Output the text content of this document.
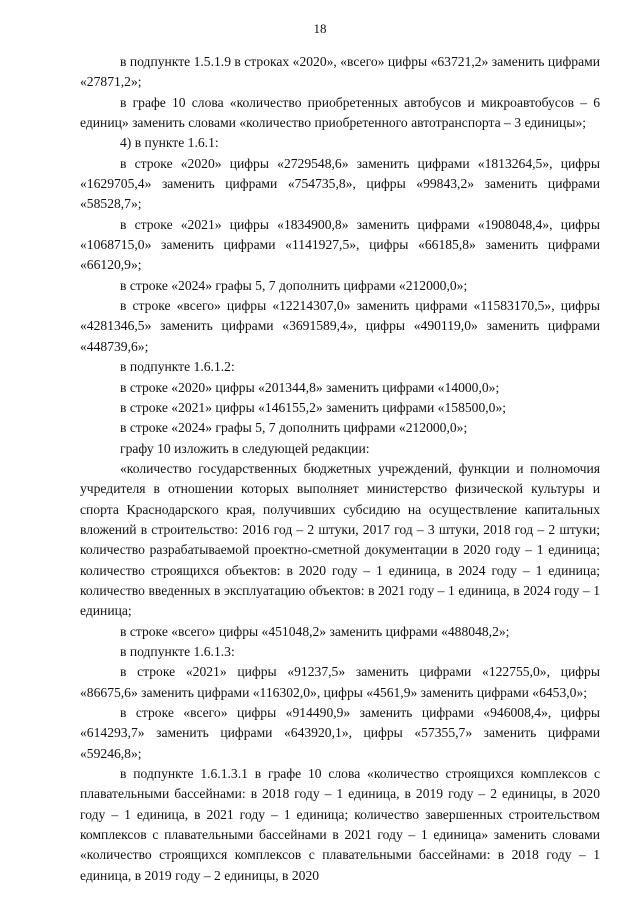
18

в подпункте 1.5.1.9 в строках «2020», «всего» цифры «63721,2» заменить цифрами «27871,2»;

в графе 10 слова «количество приобретенных автобусов и микроавтобусов – 6 единиц» заменить словами «количество приобретенного автотранспорта – 3 единицы»;

4) в пункте 1.6.1:

в строке «2020» цифры «2729548,6» заменить цифрами «1813264,5», цифры «1629705,4» заменить цифрами «754735,8», цифры «99843,2» заменить цифрами «58528,7»;

в строке «2021» цифры «1834900,8» заменить цифрами «1908048,4», цифры «1068715,0» заменить цифрами «1141927,5», цифры «66185,8» заменить цифрами «66120,9»;

в строке «2024» графы 5, 7 дополнить цифрами «212000,0»;

в строке «всего» цифры «12214307,0» заменить цифрами «11583170,5», цифры «4281346,5» заменить цифрами «3691589,4», цифры «490119,0» заменить цифрами «448739,6»;

в подпункте 1.6.1.2:

в строке «2020» цифры «201344,8» заменить цифрами «14000,0»;

в строке «2021» цифры «146155,2» заменить цифрами «158500,0»;

в строке «2024» графы 5, 7 дополнить цифрами «212000,0»;

графу 10 изложить в следующей редакции:

«количество государственных бюджетных учреждений, функции и полномочия учредителя в отношении которых выполняет министерство физической культуры и спорта Краснодарского края, получивших субсидию на осуществление капитальных вложений в строительство: 2016 год – 2 штуки, 2017 год – 3 штуки, 2018 год – 2 штуки; количество разрабатываемой проектно-сметной документации в 2020 году – 1 единица; количество строящихся объектов: в 2020 году – 1 единица, в 2024 году – 1 единица; количество введенных в эксплуатацию объектов: в 2021 году – 1 единица, в 2024 году – 1 единица;

в строке «всего» цифры «451048,2» заменить цифрами «488048,2»;

в подпункте 1.6.1.3:

в строке «2021» цифры «91237,5» заменить цифрами «122755,0», цифры «86675,6» заменить цифрами «116302,0», цифры «4561,9» заменить цифрами «6453,0»;

в строке «всего» цифры «914490,9» заменить цифрами «946008,4», цифры «614293,7» заменить цифрами «643920,1», цифры «57355,7» заменить цифрами «59246,8»;

в подпункте 1.6.1.3.1 в графе 10 слова «количество строящихся комплексов с плавательными бассейнами: в 2018 году – 1 единица, в 2019 году – 2 единицы, в 2020 году – 1 единица, в 2021 году – 1 единица; количество завершенных строительством комплексов с плавательными бассейнами в 2021 году – 1 единица» заменить словами «количество строящихся комплексов с плавательными бассейнами: в 2018 году – 1 единица, в 2019 году – 2 единицы, в 2020
